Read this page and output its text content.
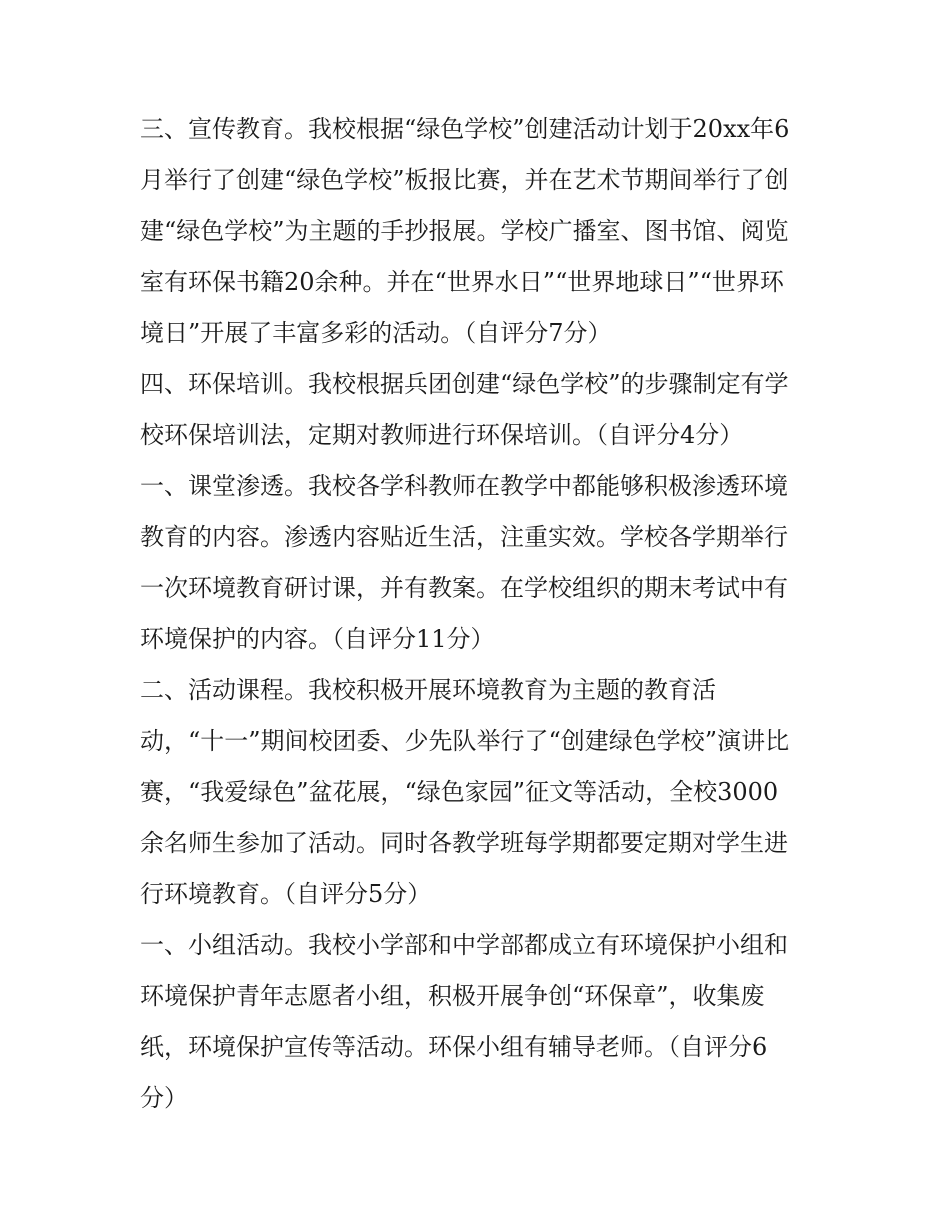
三、宣传教育。我校根据“绿色学校”创建活动计划于20xx年6
月举行了创建“绿色学校”板报比赛，并在艺术节期间举行了创
建“绿色学校”为主题的手抄报展。学校广播室、图书馆、阅览
室有环保书籍20余种。并在“世界水日”“世界地球日”“世界环
境日”开展了丰富多彩的活动。（自评分7分）

四、环保培训。我校根据兵团创建“绿色学校”的步骤制定有学
校环保培训法，定期对教师进行环保培训。（自评分4分）

一、课堂渗透。我校各学科教师在教学中都能够积极渗透环境
教育的内容。渗透内容贴近生活，注重实效。学校各学期举行
一次环境教育研讨课，并有教案。在学校组织的期末考试中有
环境保护的内容。（自评分11分）

二、活动课程。我校积极开展环境教育为主题的教育活
动，“十一”期间校团委、少先队举行了“创建绿色学校”演讲比
赛，“我爱绿色”盆花展，“绿色家园”征文等活动，全校3000
余名师生参加了活动。同时各教学班每学期都要定期对学生进
行环境教育。（自评分5分）

一、小组活动。我校小学部和中学部都成立有环境保护小组和
环境保护青年志愿者小组，积极开展争创“环保章”，收集废
纸，环境保护宣传等活动。环保小组有辅导老师。（自评分6
分）
